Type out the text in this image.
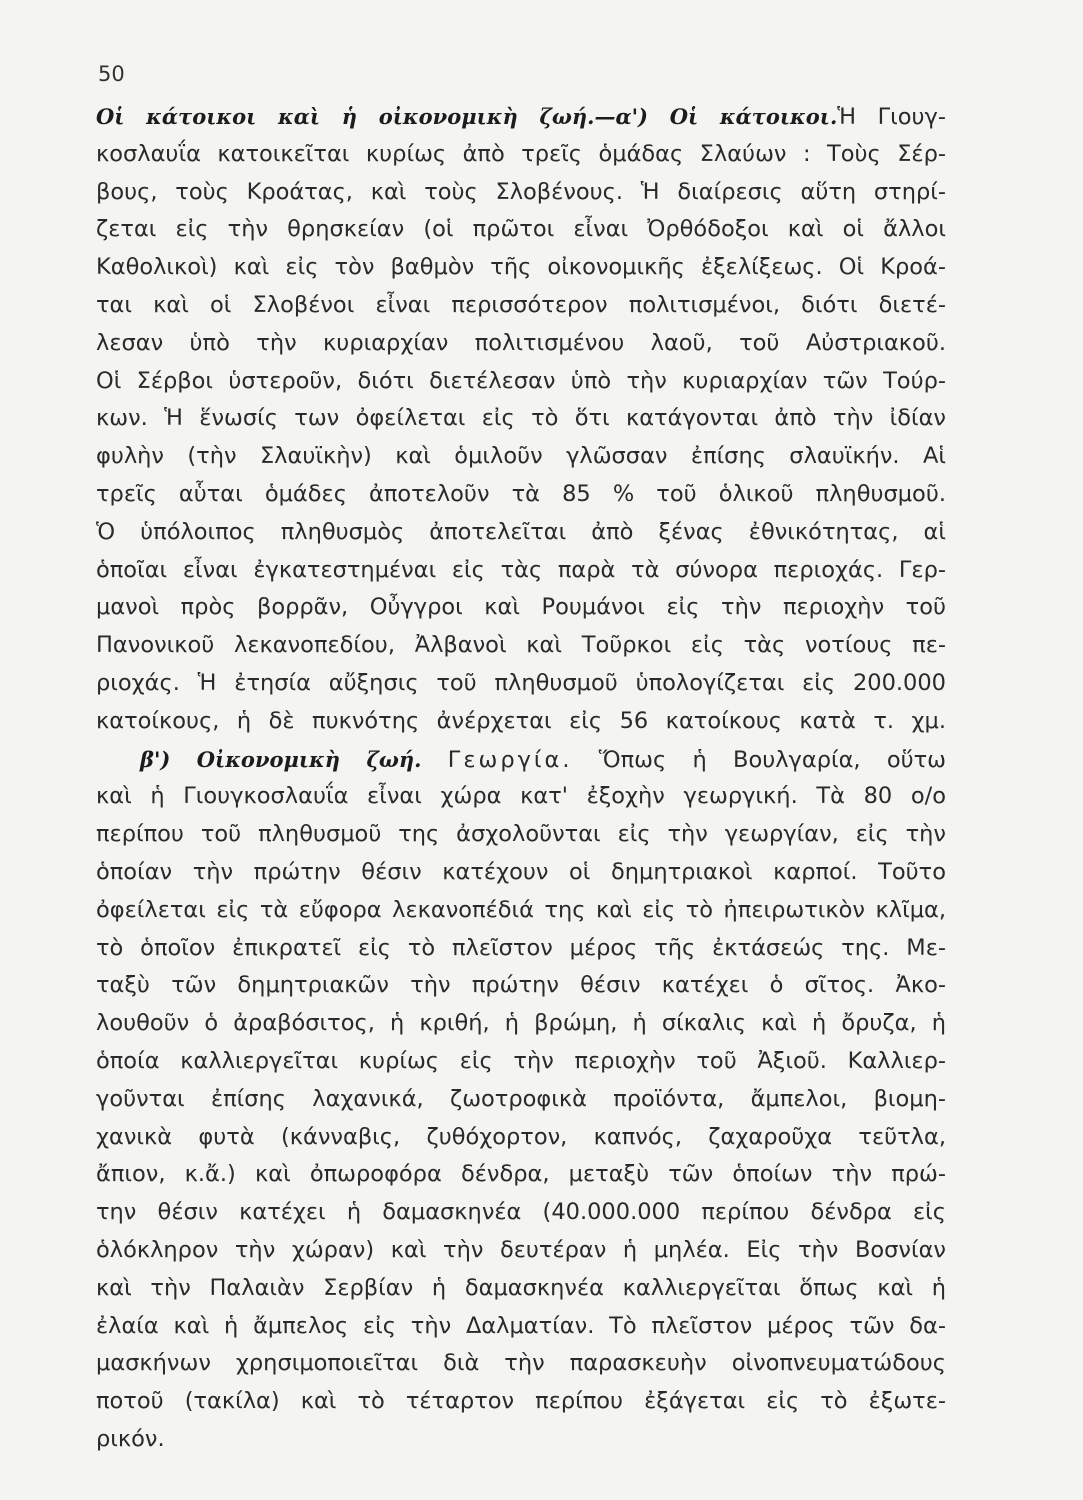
50
Οἱ κάτοικοι καὶ ἡ οἰκονομικὴ ζωή.—α') Οἱ κάτοικοι.Ἡ Γιουγ-
κοσλαυΐα κατοικεῖται κυρίως ἀπὸ τρεῖς ὁμάδας Σλαύων : Τοὺς Σέρ-
βους, τοὺς Κροάτας, καὶ τοὺς Σλοβένους. Ἡ διαίρεσις αὕτη στηρί-
ζεται εἰς τὴν θρησκείαν (οἱ πρῶτοι εἶναι Ὀρθόδοξοι καὶ οἱ ἄλλοι
Καθολικοὶ) καὶ εἰς τὸν βαθμὸν τῆς οἰκονομικῆς ἐξελίξεως. Οἱ Κροά-
ται καὶ οἱ Σλοβένοι εἶναι περισσότερον πολιτισμένοι, διότι διετέ-
λεσαν ὑπὸ τὴν κυριαρχίαν πολιτισμένου λαοῦ, τοῦ Αὐστριακοῦ.
Οἱ Σέρβοι ὑστεροῦν, διότι διετέλεσαν ὑπὸ τὴν κυριαρχίαν τῶν Τούρ-
κων. Ἡ ἕνωσίς των ὀφείλεται εἰς τὸ ὅτι κατάγονται ἀπὸ τὴν ἰδίαν
φυλὴν (τὴν Σλαυϊκὴν) καὶ ὁμιλοῦν γλῶσσαν ἐπίσης σλαυϊκήν. Αἱ
τρεῖς αὗται ὁμάδες ἀποτελοῦν τὰ 85 % τοῦ ὁλικοῦ πληθυσμοῦ.
Ὁ ὑπόλοιπος πληθυσμὸς ἀποτελεῖται ἀπὸ ξένας ἐθνικότητας, αἱ
ὁποῖαι εἶναι ἐγκατεστημέναι εἰς τὰς παρὰ τὰ σύνορα περιοχάς. Γερ-
μανοὶ πρὸς βορρᾶν, Οὖγγροι καὶ Ρουμάνοι εἰς τὴν περιοχὴν τοῦ
Πανονικοῦ λεκανοπεδίου, Ἀλβανοὶ καὶ Τοῦρκοι εἰς τὰς νοτίους πε-
ριοχάς. Ἡ ἐτησία αὔξησις τοῦ πληθυσμοῦ ὑπολογίζεται εἰς 200.000
κατοίκους, ἡ δὲ πυκνότης ἀνέρχεται εἰς 56 κατοίκους κατὰ τ. χμ.
β') Οἰκονομικὴ ζωή. Γεωργία. Ὅπως ἡ Βουλγαρία, οὕτω
καὶ ἡ Γιουγκοσλαυΐα εἶναι χώρα κατ' ἐξοχὴν γεωργική. Τὰ 80 ο/ο
περίπου τοῦ πληθυσμοῦ της ἀσχολοῦνται εἰς τὴν γεωργίαν, εἰς τὴν
ὁποίαν τὴν πρώτην θέσιν κατέχουν οἱ δημητριακοὶ καρποί. Τοῦτο
ὀφείλεται εἰς τὰ εὔφορα λεκανοπέδιά της καὶ εἰς τὸ ἠπειρωτικὸν κλῖμα,
τὸ ὁποῖον ἐπικρατεῖ εἰς τὸ πλεῖστον μέρος τῆς ἐκτάσεώς της. Με-
ταξὺ τῶν δημητριακῶν τὴν πρώτην θέσιν κατέχει ὁ σῖτος. Ἀκο-
λουθοῦν ὁ ἀραβόσιτος, ἡ κριθή, ἡ βρώμη, ἡ σίκαλις καὶ ἡ ὄρυζα, ἡ
ὁποία καλλιεργεῖται κυρίως εἰς τὴν περιοχὴν τοῦ Ἀξιοῦ. Καλλιερ-
γοῦνται ἐπίσης λαχανικά, ζωοτροφικὰ προϊόντα, ἄμπελοι, βιομη-
χανικὰ φυτὰ (κάνναβις, ζυθόχορτον, καπνός, ζαχαροῦχα τεῦτλα,
ἄπιον, κ.ἄ.) καὶ ὀπωροφόρα δένδρα, μεταξὺ τῶν ὁποίων τὴν πρώ-
την θέσιν κατέχει ἡ δαμασκηνέα (40.000.000 περίπου δένδρα εἰς
ὁλόκληρον τὴν χώραν) καὶ τὴν δευτέραν ἡ μηλέα. Εἰς τὴν Βοσνίαν
καὶ τὴν Παλαιὰν Σερβίαν ἡ δαμασκηνέα καλλιεργεῖται ὅπως καὶ ἡ
ἐλαία καὶ ἡ ἄμπελος εἰς τὴν Δαλματίαν. Τὸ πλεῖστον μέρος τῶν δα-
μασκήνων χρησιμοποιεῖται διὰ τὴν παρασκευὴν οἰνοπνευματώδους
ποτοῦ (τακίλα) καὶ τὸ τέταρτον περίπου ἐξάγεται εἰς τὸ ἐξωτε-
ρικόν.
